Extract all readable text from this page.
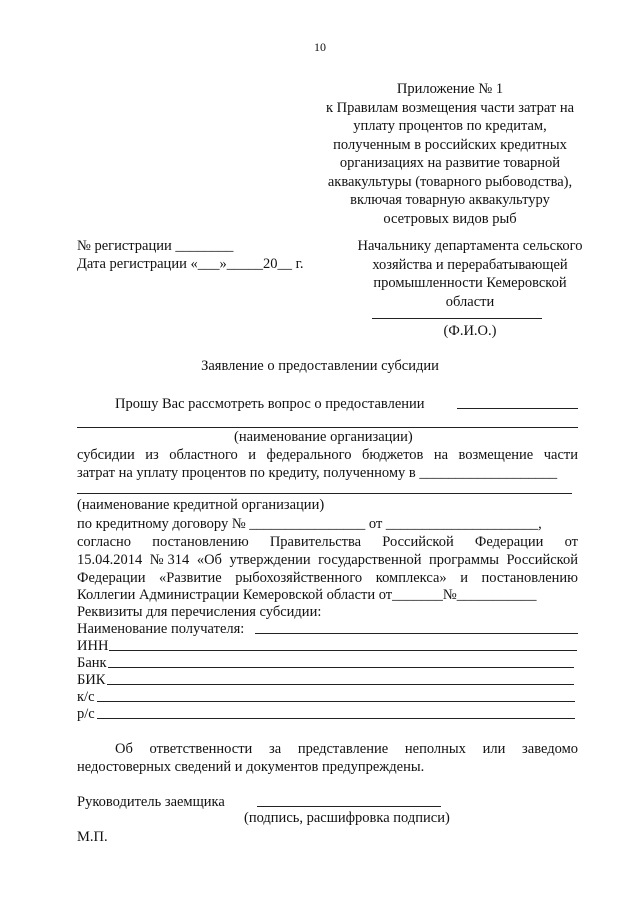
10
Приложение № 1
к Правилам возмещения части затрат на
уплату процентов по кредитам,
полученным в российских кредитных
организациях на развитие товарной
аквакультуры (товарного рыбоводства),
включая товарную аквакультуру
осетровых видов рыб
№ регистрации ________
Дата регистрации «___»_____20__ г.
Начальнику департамента сельского
хозяйства и перерабатывающей
промышленности Кемеровской
области
(Ф.И.О.)
Заявление о предоставлении субсидии
Прошу Вас рассмотреть вопрос о предоставлении
(наименование организации)
субсидии из областного и федерального бюджетов на возмещение части
затрат на уплату процентов по кредиту, полученному в ___________________
(наименование кредитной организации)
по кредитному договору № ________________ от _____________________,
согласно постановлению Правительства Российской Федерации от
15.04.2014 №314 «Об утверждении государственной программы Российской
Федерации «Развитие рыбохозяйственного комплекса» и постановлению
Коллегии Администрации Кемеровской области от_______№___________
Реквизиты для перечисления субсидии:
Наименование получателя:
ИНН
Банк
БИК
к/с
р/с
Об ответственности за представление неполных или заведомо
недостоверных сведений и документов предупреждены.
Руководитель заемщика
(подпись, расшифровка подписи)
М.П.
